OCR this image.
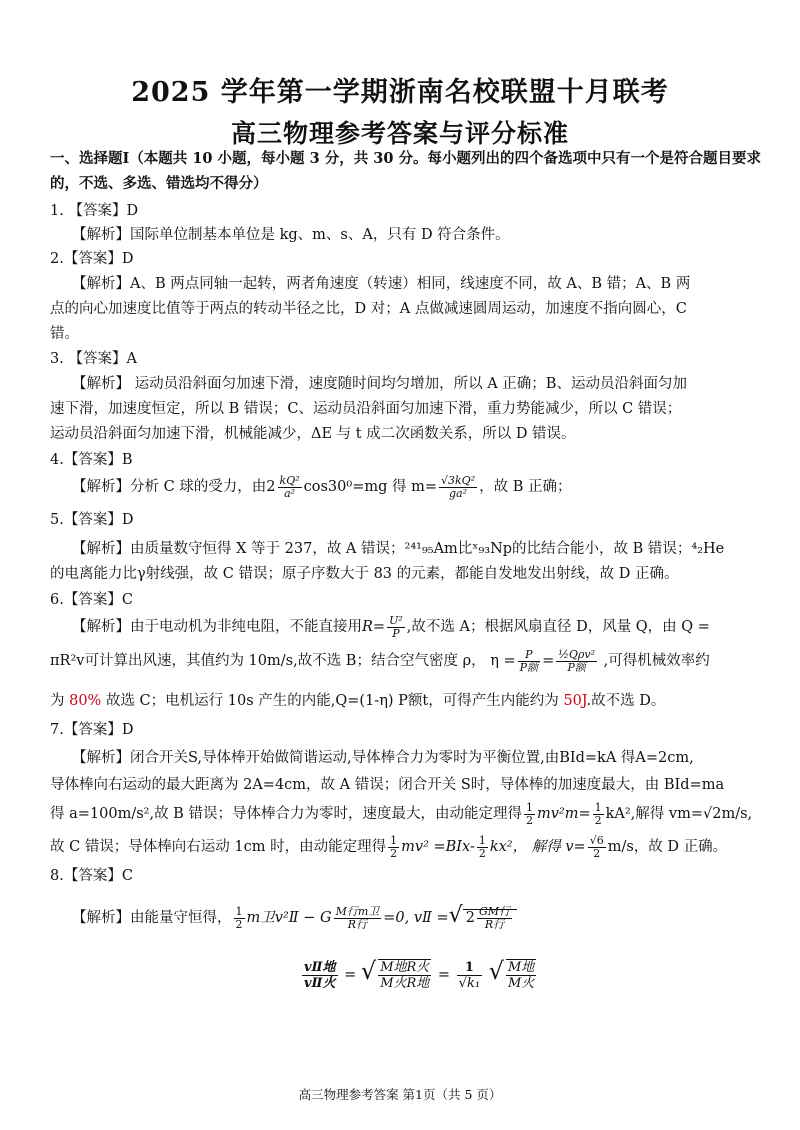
2025 学年第一学期浙南名校联盟十月联考
高三物理参考答案与评分标准
一、选择题I（本题共 10 小题，每小题 3 分，共 30 分。每小题列出的四个备选项中只有一个是符合题目要求的，不选、多选、错选均不得分）
1. 【答案】D
【解析】国际单位制基本单位是 kg、m、s、A，只有 D 符合条件。
2.【答案】D
【解析】A、B 两点同轴一起转，两者角速度（转速）相同，线速度不同，故 A、B 错；A、B 两
点的向心加速度比值等于两点的转动半径之比，D 对；A 点做减速圆周运动，加速度不指向圆心，C
错。
3. 【答案】A
【解析】 运动员沿斜面匀加速下滑，速度随时间均匀增加，所以 A 正确；B、运动员沿斜面匀加
速下滑，加速度恒定，所以 B 错误；C、运动员沿斜面匀加速下滑，重力势能减少，所以 C 错误；
运动员沿斜面匀加速下滑，机械能减少，ΔE 与 t 成二次函数关系，所以 D 错误。
4.【答案】B
【解析】分析 C 球的受力，由$2 \frac{\text{kQ²}}{\text{a²}} \cos 30^0=mg$ 得 $m= \frac{\text{√3kQ²}}{\text{ga²}}$ ，故 B 正确；
5.【答案】D
【解析】由质量数守恒得 X 等于 237，故 A 错误；²⁴¹₉₅Am比ˣ₉₃Np的比结合能小，故 B 错误；⁴₂He
的电离能力比γ射线强，故 C 错误；原子序数大于 83 的元素，都能自发地发出射线，故 D 正确。
6.【答案】C
【解析】由于电动机为非纯电阻，不能直接用$R= \frac{\text{U²}}{P}$ ,故不选 A；根据风扇直径 D，风量 Q，由 Q =
πR²v可计算出风速，其值约为 10m/s,故不选 B；结合空气密度 ρ， $\eta = \frac{P}{\text{P额}} = \frac{\text{½Qρv²}}{\text{P额}}$ ,可得机械效率约
为 80% 故选 C；电机运行 10s 产生的内能,Q=(1-η) P额t，可得产生内能约为 50J.故不选 D。
7.【答案】D
【解析】闭合开关S,导体棒开始做简谐运动,导体棒合力为零时为平衡位置,由BId=kA 得A=2cm,
导体棒向右运动的最大距离为 2A=4cm，故 A 错误；闭合开关 S时，导体棒的加速度最大，由 BId=ma
得 a=100m/s²,故 B 错误；导体棒合力为零时，速度最大，由动能定理得 $\frac{1}{2} mv^2m= \frac{1}{2} kA^2$,解得 vm=√2m/s,
故 C 错误；导体棒向右运动 1cm 时，由动能定理得 $\frac{1}{2} mv^2 =BIx- \frac{1}{2} kx^2$， 解得 $v= \frac{√6}{2} m/s$，故 D 正确。
8.【答案】C
【解析】由能量守恒得， $\frac{1}{2}$ m卫v²Ⅱ − G $\frac{\text{M行m卫}}{\text{R行}} =0$, vⅡ =√ $2 \frac{\text{GM行}}{\text{R行}}$
$\frac{\text{vⅡ地}}{\text{vⅡ火}}$ = √ $\frac{\text{M地R火}}{\text{M火R地}} = \frac{1}{\text{√k₁}}$ √ $\frac{\text{M地}}{\text{M火}}$
高三物理参考答案 第1页（共 5 页）
